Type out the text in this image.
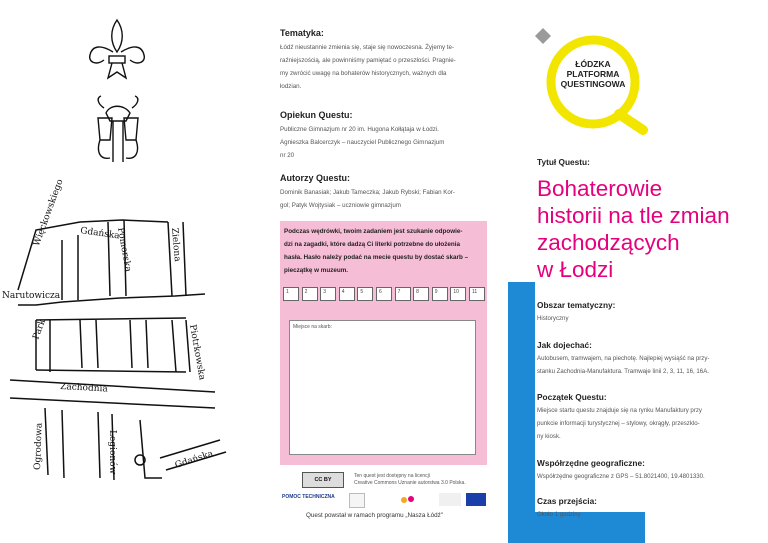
Gdańska
Pomorska	Zielona
Więckowskiego
Narutowicza
Piotrkowska
Park
Zachodnia
Ogrodowa	Legionów	Gdańska

Tematyka:

Łódź nieustannie zmienia się, staje się nowoczesna. Żyjemy te-

raźniejszością, ale powinniśmy pamiętać o przeszłości. Pragnie-

my zwrócić uwagę na bohaterów historycznych, ważnych dla

łodzian.

Opiekun Questu:

Publiczne Gimnazjum nr 20 im. Hugona Kołłątaja w Łodzi.

Agnieszka Balcerczyk – nauczyciel Publicznego Gimnazjum

nr 20

Autorzy Questu:

Dominik Banasiak; Jakub Tameczka; Jakub Rybski; Fabian Kor-

gol; Patyk Wojtysiak – uczniowie gimnazjum

Podczas wędrówki, twoim zadaniem jest szukanie odpowie-
dzi na zagadki, które dadzą Ci literki potrzebne do ułożenia
hasła. Hasło należy podać na mecie questu by dostać skarb –
pieczątkę w muzeum.
1	2	3	4	5	6	7	8	9	10	11
Miejsce na skarb:
CC BY
Ten quest jest dostępny na licencji
Creative Commons Uznanie autorstwa 3.0 Polska.
POMOC TECHNICZNA
Quest powstał w ramach programu „Nasza Łódź"
ŁÓDZKA
PLATFORMA
QUESTINGOWA
Tytuł Questu:
Bohaterowie
historii na tle zmian
zachodzących
w Łodzi

Obszar tematyczny:

Historyczny

Jak dojechać:

Autobusem, tramwajem, na piechotę. Najlepiej wysiąść na przy-

stanku Zachodnia-Manufaktura. Tramwaje linii 2, 3, 11, 16, 16A.

Początek Questu:

Miejsce startu questu znajduje się na rynku Manufaktury przy

punkcie informacji turystycznej – stylowy, okrągły, przeszklo-

ny kiosk.

Współrzędne geograficzne:

Współrzędne geograficzne z GPS – 51.8021400, 19.4801330.

Czas przejścia:

Około 1 godziny
